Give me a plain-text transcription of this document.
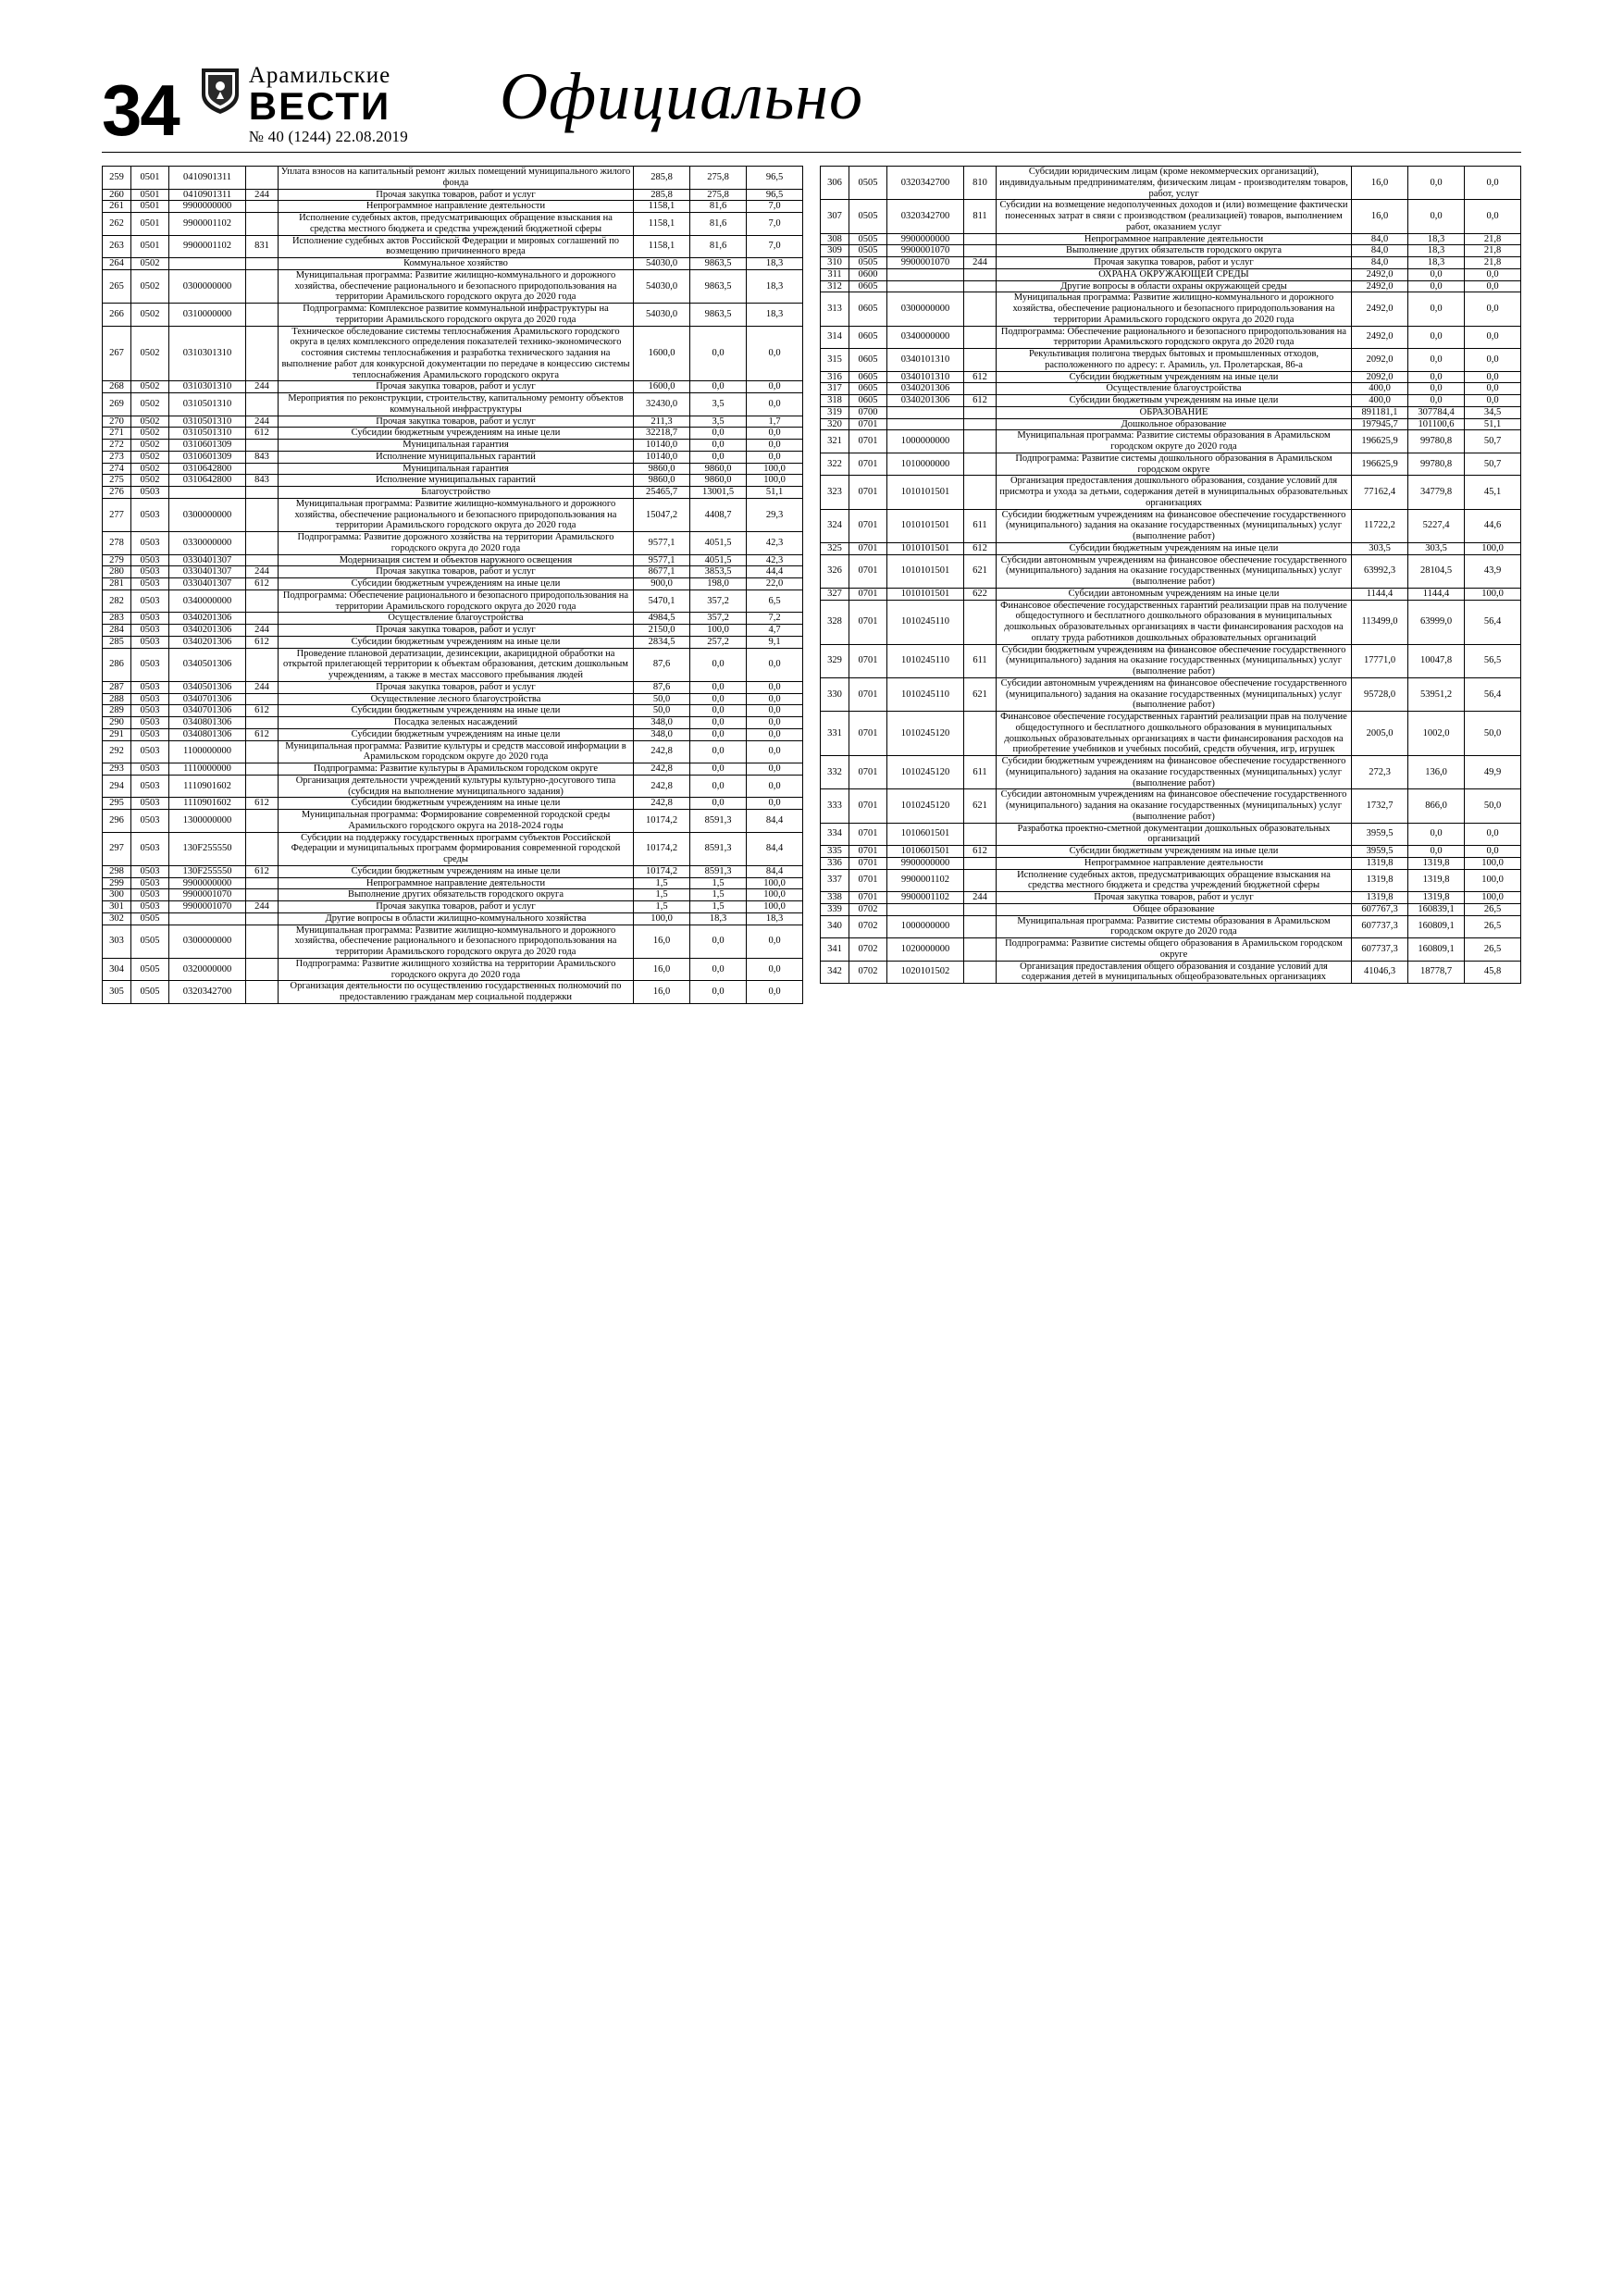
34	Арамильские
ВЕСТИ
№ 40 (1244) 22.08.2019
Официально
259	0501	0410901311		Уплата взносов на капитальный ремонт жилых помещений муниципального жилого фонда	285,8	275,8	96,5
260	0501	0410901311	244	Прочая закупка товаров, работ и услуг	285,8	275,8	96,5
261	0501	9900000000		Непрограммное направление деятельности	1158,1	81,6	7,0
262	0501	9900001102		Исполнение судебных актов, предусматривающих обращение взыскания на средства местного бюджета и средства учреждений бюджетной сферы	1158,1	81,6	7,0
263	0501	9900001102	831	Исполнение судебных актов Российской Федерации и мировых соглашений по возмещению причиненного вреда	1158,1	81,6	7,0
264	0502			Коммунальное хозяйство	54030,0	9863,5	18,3
265	0502	0300000000		Муниципальная программа: Развитие жилищно-коммунального и дорожного хозяйства, обеспечение рационального и безопасного природопользования на территории Арамильского городского округа до 2020 года	54030,0	9863,5	18,3
266	0502	0310000000		Подпрограмма: Комплексное развитие коммунальной инфраструктуры на территории Арамильского городского округа до 2020 года	54030,0	9863,5	18,3
267	0502	0310301310		Техническое обследование системы теплоснабжения Арамильского городского округа в целях комплексного определения показателей технико-экономического состояния системы теплоснабжения и разработка технического задания на выполнение работ для конкурсной документации по передаче в концессию системы теплоснабжения Арамильского городского округа	1600,0	0,0	0,0
268	0502	0310301310	244	Прочая закупка товаров, работ и услуг	1600,0	0,0	0,0
269	0502	0310501310		Мероприятия по реконструкции, строительству, капитальному ремонту объектов коммунальной инфраструктуры	32430,0	3,5	0,0
270	0502	0310501310	244	Прочая закупка товаров, работ и услуг	211,3	3,5	1,7
271	0502	0310501310	612	Субсидии бюджетным учреждениям на иные цели	32218,7	0,0	0,0
272	0502	0310601309		Муниципальная гарантия	10140,0	0,0	0,0
273	0502	0310601309	843	Исполнение муниципальных гарантий	10140,0	0,0	0,0
274	0502	0310642800		Муниципальная гарантия	9860,0	9860,0	100,0
275	0502	0310642800	843	Исполнение муниципальных гарантий	9860,0	9860,0	100,0
276	0503			Благоустройство	25465,7	13001,5	51,1
277	0503	0300000000		Муниципальная программа: Развитие жилищно-коммунального и дорожного хозяйства, обеспечение рационального и безопасного природопользования на территории Арамильского городского округа до 2020 года	15047,2	4408,7	29,3
278	0503	0330000000		Подпрограмма: Развитие дорожного хозяйства на территории Арамильского городского округа до 2020 года	9577,1	4051,5	42,3
279	0503	0330401307		Модернизация систем и объектов наружного освещения	9577,1	4051,5	42,3
280	0503	0330401307	244	Прочая закупка товаров, работ и услуг	8677,1	3853,5	44,4
281	0503	0330401307	612	Субсидии бюджетным учреждениям на иные цели	900,0	198,0	22,0
282	0503	0340000000		Подпрограмма: Обеспечение рационального и безопасного природопользования на территории Арамильского городского округа до 2020 года	5470,1	357,2	6,5
283	0503	0340201306		Осуществление благоустройства	4984,5	357,2	7,2
284	0503	0340201306	244	Прочая закупка товаров, работ и услуг	2150,0	100,0	4,7
285	0503	0340201306	612	Субсидии бюджетным учреждениям на иные цели	2834,5	257,2	9,1
286	0503	0340501306		Проведение плановой дератизации, дезинсекции, акарицидной обработки на открытой прилегающей территории к объектам образования, детским дошкольным учреждениям, а также в местах массового пребывания людей	87,6	0,0	0,0
287	0503	0340501306	244	Прочая закупка товаров, работ и услуг	87,6	0,0	0,0
288	0503	0340701306		Осуществление лесного благоустройства	50,0	0,0	0,0
289	0503	0340701306	612	Субсидии бюджетным учреждениям на иные цели	50,0	0,0	0,0
290	0503	0340801306		Посадка зеленых насаждений	348,0	0,0	0,0
291	0503	0340801306	612	Субсидии бюджетным учреждениям на иные цели	348,0	0,0	0,0
292	0503	1100000000		Муниципальная программа: Развитие культуры и средств массовой информации в Арамильском городском округе до 2020 года	242,8	0,0	0,0
293	0503	1110000000		Подпрограмма: Развитие культуры в Арамильском городском округе	242,8	0,0	0,0
294	0503	1110901602		Организация деятельности учреждений культуры культурно-досугового типа (субсидия на выполнение муниципального задания)	242,8	0,0	0,0
295	0503	1110901602	612	Субсидии бюджетным учреждениям на иные цели	242,8	0,0	0,0
296	0503	1300000000		Муниципальная программа: Формирование современной городской среды Арамильского городского округа на 2018-2024 годы	10174,2	8591,3	84,4
297	0503	130F255550		Субсидии на поддержку государственных программ субъектов Российской Федерации и муниципальных программ формирования современной городской среды	10174,2	8591,3	84,4
298	0503	130F255550	612	Субсидии бюджетным учреждениям на иные цели	10174,2	8591,3	84,4
299	0503	9900000000		Непрограммное направление деятельности	1,5	1,5	100,0
300	0503	9900001070		Выполнение других обязательств городского округа	1,5	1,5	100,0
301	0503	9900001070	244	Прочая закупка товаров, работ и услуг	1,5	1,5	100,0
302	0505			Другие вопросы в области жилищно-коммунального хозяйства	100,0	18,3	18,3
303	0505	0300000000		Муниципальная программа: Развитие жилищно-коммунального и дорожного хозяйства, обеспечение рационального и безопасного природопользования на территории Арамильского городского округа до 2020 года	16,0	0,0	0,0
304	0505	0320000000		Подпрограмма: Развитие жилищного хозяйства на территории Арамильского городского округа до 2020 года	16,0	0,0	0,0
305	0505	0320342700		Организация деятельности по осуществлению государственных полномочий по предоставлению гражданам мер социальной поддержки	16,0	0,0	0,0
306	0505	0320342700	810	Субсидии юридическим лицам (кроме некоммерческих организаций), индивидуальным предпринимателям, физическим лицам - производителям товаров, работ, услуг	16,0	0,0	0,0
307	0505	0320342700	811	Субсидии на возмещение недополученных доходов и (или) возмещение фактически понесенных затрат в связи с производством (реализацией) товаров, выполнением работ, оказанием услуг	16,0	0,0	0,0
308	0505	9900000000		Непрограммное направление деятельности	84,0	18,3	21,8
309	0505	9900001070		Выполнение других обязательств городского округа	84,0	18,3	21,8
310	0505	9900001070	244	Прочая закупка товаров, работ и услуг	84,0	18,3	21,8
311	0600			ОХРАНА ОКРУЖАЮЩЕЙ СРЕДЫ	2492,0	0,0	0,0
312	0605			Другие вопросы в области охраны окружающей среды	2492,0	0,0	0,0
313	0605	0300000000		Муниципальная программа: Развитие жилищно-коммунального и дорожного хозяйства, обеспечение рационального и безопасного природопользования на территории Арамильского городского округа до 2020 года	2492,0	0,0	0,0
314	0605	0340000000		Подпрограмма: Обеспечение рационального и безопасного природопользования на территории Арамильского городского округа до 2020 года	2492,0	0,0	0,0
315	0605	0340101310		Рекультивация полигона твердых бытовых и промышленных отходов, расположенного по адресу: г. Арамиль, ул. Пролетарская, 86-а	2092,0	0,0	0,0
316	0605	0340101310	612	Субсидии бюджетным учреждениям на иные цели	2092,0	0,0	0,0
317	0605	0340201306		Осуществление благоустройства	400,0	0,0	0,0
318	0605	0340201306	612	Субсидии бюджетным учреждениям на иные цели	400,0	0,0	0,0
319	0700			ОБРАЗОВАНИЕ	891181,1	307784,4	34,5
320	0701			Дошкольное образование	197945,7	101100,6	51,1
321	0701	1000000000		Муниципальная программа: Развитие системы образования в Арамильском городском округе до 2020 года	196625,9	99780,8	50,7
322	0701	1010000000		Подпрограмма: Развитие системы дошкольного образования в Арамильском городском округе	196625,9	99780,8	50,7
323	0701	1010101501		Организация предоставления дошкольного образования, создание условий для присмотра и ухода за детьми, содержания детей в муниципальных образовательных организациях	77162,4	34779,8	45,1
324	0701	1010101501	611	Субсидии бюджетным учреждениям на финансовое обеспечение государственного (муниципального) задания на оказание государственных (муниципальных) услуг (выполнение работ)	11722,2	5227,4	44,6
325	0701	1010101501	612	Субсидии бюджетным учреждениям на иные цели	303,5	303,5	100,0
326	0701	1010101501	621	Субсидии автономным учреждениям на финансовое обеспечение государственного (муниципального) задания на оказание государственных (муниципальных) услуг (выполнение работ)	63992,3	28104,5	43,9
327	0701	1010101501	622	Субсидии автономным учреждениям на иные цели	1144,4	1144,4	100,0
328	0701	1010245110		Финансовое обеспечение государственных гарантий реализации прав на получение общедоступного и бесплатного дошкольного образования в муниципальных дошкольных образовательных организациях в части финансирования расходов на оплату труда работников дошкольных образовательных организаций	113499,0	63999,0	56,4
329	0701	1010245110	611	Субсидии бюджетным учреждениям на финансовое обеспечение государственного (муниципального) задания на оказание государственных (муниципальных) услуг (выполнение работ)	17771,0	10047,8	56,5
330	0701	1010245110	621	Субсидии автономным учреждениям на финансовое обеспечение государственного (муниципального) задания на оказание государственных (муниципальных) услуг (выполнение работ)	95728,0	53951,2	56,4
331	0701	1010245120		Финансовое обеспечение государственных гарантий реализации прав на получение общедоступного и бесплатного дошкольного образования в муниципальных дошкольных образовательных организациях в части финансирования расходов на приобретение учебников и учебных пособий, средств обучения, игр, игрушек	2005,0	1002,0	50,0
332	0701	1010245120	611	Субсидии бюджетным учреждениям на финансовое обеспечение государственного (муниципального) задания на оказание государственных (муниципальных) услуг (выполнение работ)	272,3	136,0	49,9
333	0701	1010245120	621	Субсидии автономным учреждениям на финансовое обеспечение государственного (муниципального) задания на оказание государственных (муниципальных) услуг (выполнение работ)	1732,7	866,0	50,0
334	0701	1010601501		Разработка проектно-сметной документации дошкольных образовательных организаций	3959,5	0,0	0,0
335	0701	1010601501	612	Субсидии бюджетным учреждениям на иные цели	3959,5	0,0	0,0
336	0701	9900000000		Непрограммное направление деятельности	1319,8	1319,8	100,0
337	0701	9900001102		Исполнение судебных актов, предусматривающих обращение взыскания на средства местного бюджета и средства учреждений бюджетной сферы	1319,8	1319,8	100,0
338	0701	9900001102	244	Прочая закупка товаров, работ и услуг	1319,8	1319,8	100,0
339	0702			Общее образование	607767,3	160839,1	26,5
340	0702	1000000000		Муниципальная программа: Развитие системы образования в Арамильском городском округе до 2020 года	607737,3	160809,1	26,5
341	0702	1020000000		Подпрограмма: Развитие системы общего образования в Арамильском городском округе	607737,3	160809,1	26,5
342	0702	1020101502		Организация предоставления общего образования и создание условий для содержания детей в муниципальных общеобразовательных организациях	41046,3	18778,7	45,8
